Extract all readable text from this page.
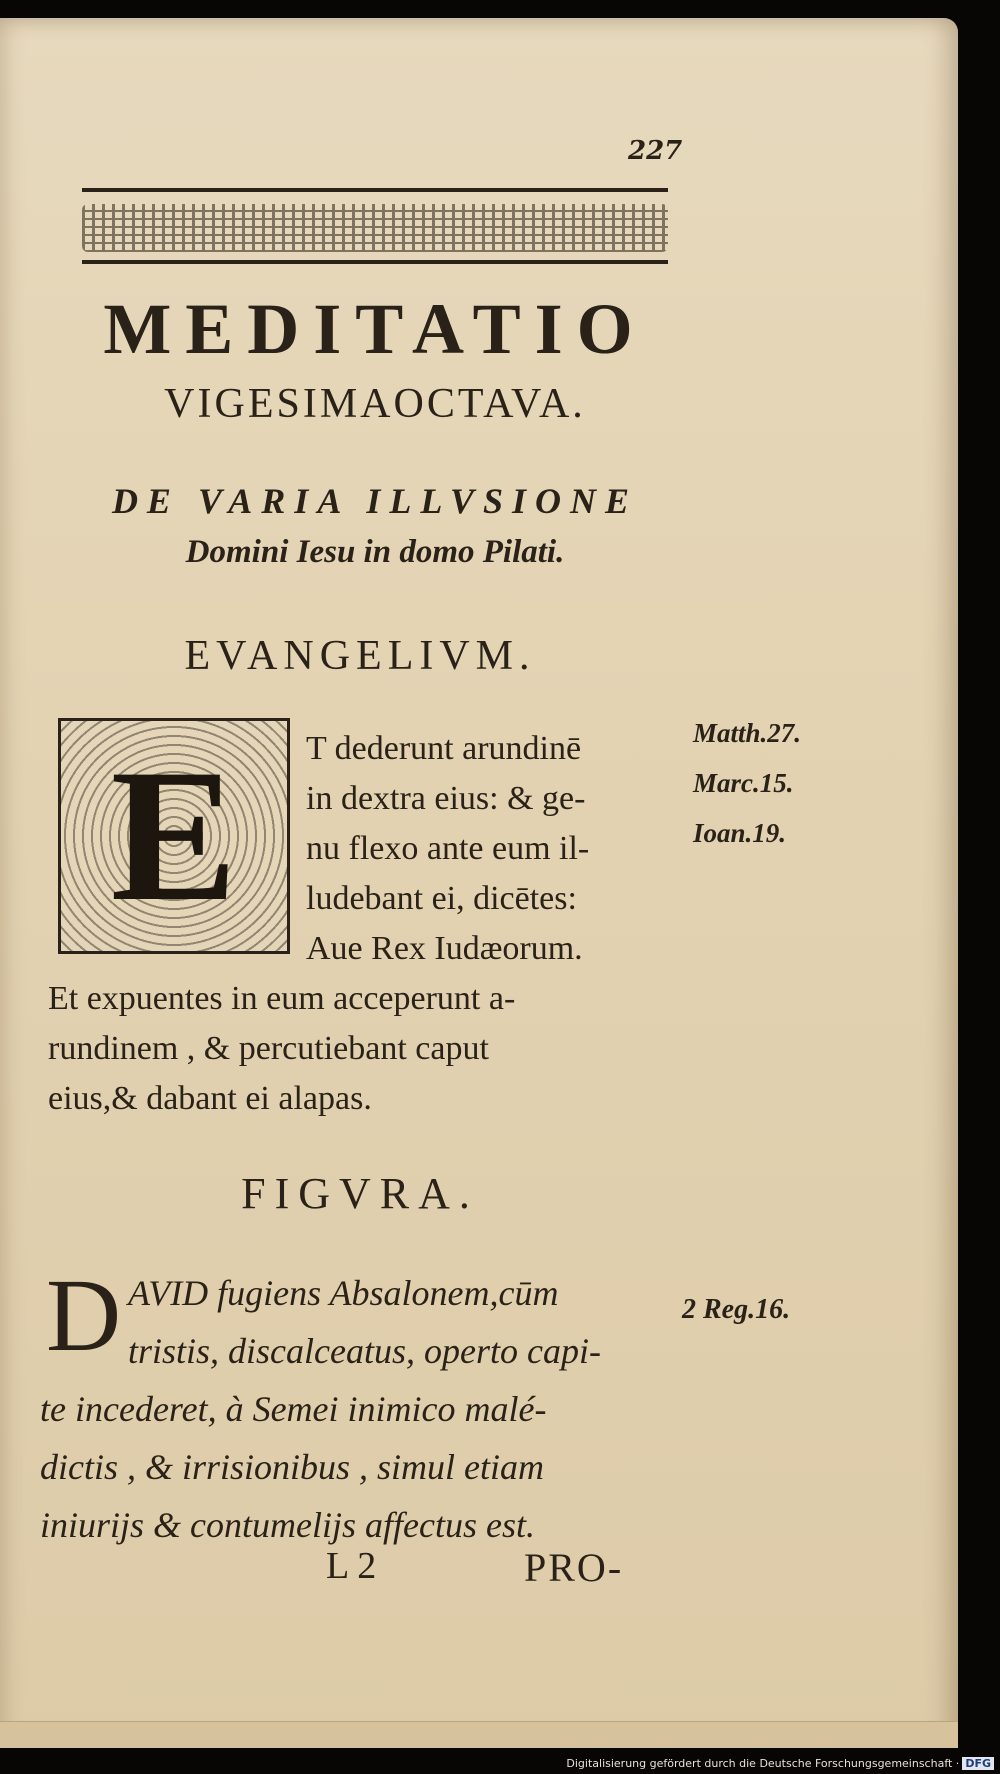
227
MEDITATIO
VIGESIMAOCTAVA.
DE VARIA ILLVSIONE
Domini Iesu in domo Pilati.
EVANGELIVM.
E	T dederunt arundinē
in dextra eius: & ge-
nu flexo ante eum il-
ludebant ei, dicētes:
Aue Rex Iudæorum.
Et expuentes in eum acceperunt a-
rundinem , & percutiebant caput
eius,& dabant ei alapas.
Matth.27.
Marc.15.
Ioan.19.
FIGVRA.
D AVID fugiens Absalonem,cūm
tristis, discalceatus, operto capi-
te incederet, à Semei inimico malé-
dictis , & irrisionibus , simul etiam
iniurijs & contumelijs affectus est.
2 Reg.16.
L 2	PRO-
Digitalisierung gefördert durch die Deutsche Forschungsgemeinschaft · DFG
